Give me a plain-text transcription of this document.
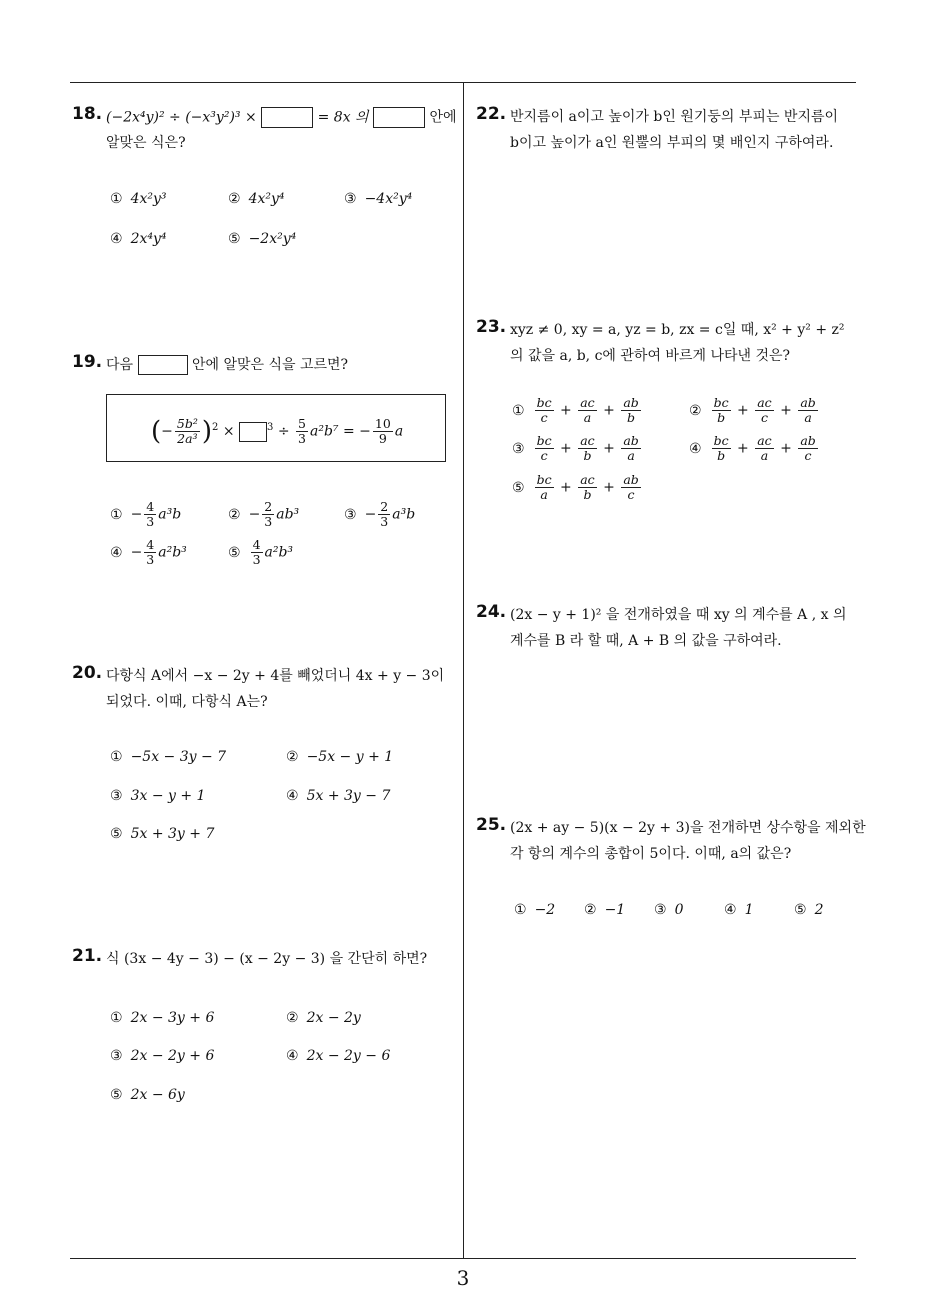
3
18. (−2x⁴y)² ÷ (−x³y²)³ ×	= 8x 의	안에
알맞은 식은?
① 4x²y³	② 4x²y⁴	③ −4x²y⁴
④ 2x⁴y⁴	⑤ −2x²y⁴
19. 다음	안에 알맞은 식을 고르면?
(− $\frac{\text{5b²}}{\text{2a³}} )^2$ ×	$^3 \div \frac{5}{3} a^2b^7$ = − $\frac{10}{9}$ a
① − $\frac{4}{3} a^3b$	② − $\frac{2}{3} ab^3$	③ − $\frac{2}{3} a^3b$
④ − $\frac{4}{3} a^2b^3$	⑤ $\frac{4}{3} a^2b^3$
20. 다항식 A에서 −x − 2y + 4를 빼었더니 4x + y − 3이
되었다. 이때, 다항식 A는?
① −5x − 3y − 7	② −5x − y + 1
③ 3x − y + 1	④ 5x + 3y − 7
⑤ 5x + 3y + 7
21. 식 (3x − 4y − 3) − (x − 2y − 3) 을 간단히 하면?
① 2x − 3y + 6	② 2x − 2y
③ 2x − 2y + 6	④ 2x − 2y − 6
⑤ 2x − 6y
22. 반지름이 a이고 높이가 b인 원기둥의 부피는 반지름이
b이고 높이가 a인 원뿔의 부피의 몇 배인지 구하여라.
23. xyz ≠ 0, xy = a, yz = b, zx = c일 때, x² + y² + z²
의 값을 a, b, c에 관하여 바르게 나타낸 것은?
① $\frac{bc}{c} + \frac{ac}{a} + \frac{ab}{b}$	② $\frac{bc}{b} + \frac{ac}{c} + \frac{ab}{a}$
③ $\frac{bc}{c} + \frac{ac}{b} + \frac{ab}{a}$	④ $\frac{bc}{b} + \frac{ac}{a} + \frac{ab}{c}$
⑤ $\frac{bc}{a} + \frac{ac}{b} + \frac{ab}{c}$
24. (2x − y + 1)² 을 전개하였을 때 xy 의 계수를 A , x 의
계수를 B 라 할 때, A + B 의 값을 구하여라.
25. (2x + ay − 5)(x − 2y + 3)을 전개하면 상수항을 제외한
각 항의 계수의 총합이 5이다. 이때, a의 값은?
① −2 ② −1 ③ 0	④ 1	⑤ 2
